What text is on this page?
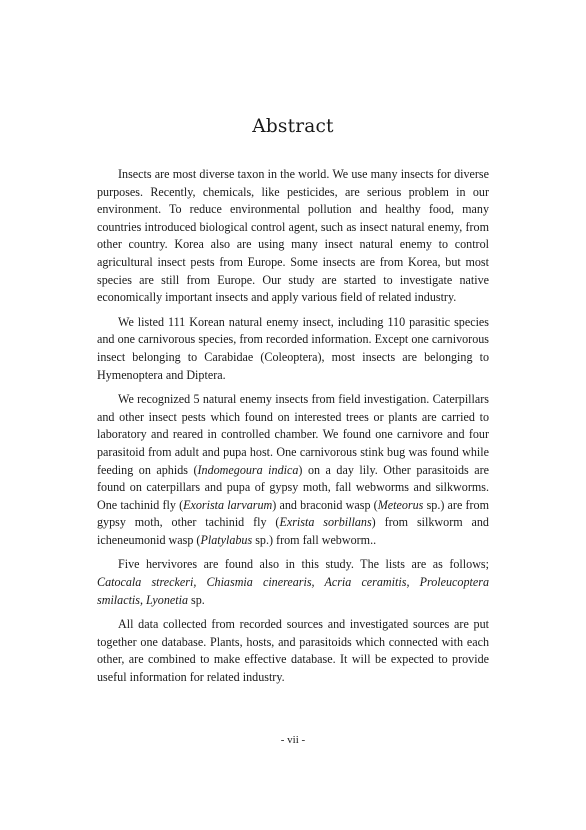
Abstract

Insects are most diverse taxon in the world. We use many insects for diverse purposes. Recently, chemicals, like pesticides, are serious problem in our environment. To reduce environmental pollution and healthy food, many countries introduced biological control agent, such as insect natural enemy, from other country. Korea also are using many insect natural enemy to control agricultural insect pests from Europe. Some insects are from Korea, but most species are still from Europe. Our study are started to investigate native economically important insects and apply various field of related industry.

We listed 111 Korean natural enemy insect, including 110 parasitic species and one carnivorous species, from recorded information. Except one carnivorous insect belonging to Carabidae (Coleoptera), most insects are belonging to Hymenoptera and Diptera.

We recognized 5 natural enemy insects from field investigation. Caterpillars and other insect pests which found on interested trees or plants are carried to laboratory and reared in controlled chamber. We found one carnivore and four parasitoid from adult and pupa host. One carnivorous stink bug was found while feeding on aphids (Indomegoura indica) on a day lily. Other parasitoids are found on caterpillars and pupa of gypsy moth, fall webworms and silkworms. One tachinid fly (Exorista larvarum) and braconid wasp (Meteorus sp.) are from gypsy moth, other tachinid fly (Exrista sorbillans) from silkworm and icheneumonid wasp (Platylabus sp.) from fall webworm..

Five hervivores are found also in this study. The lists are as follows; Catocala streckeri, Chiasmia cinerearis, Acria ceramitis, Proleucoptera smilactis, Lyonetia sp.

All data collected from recorded sources and investigated sources are put together one database. Plants, hosts, and parasitoids which connected with each other, are combined to make effective database. It will be expected to provide useful information for related industry.

- vii -
